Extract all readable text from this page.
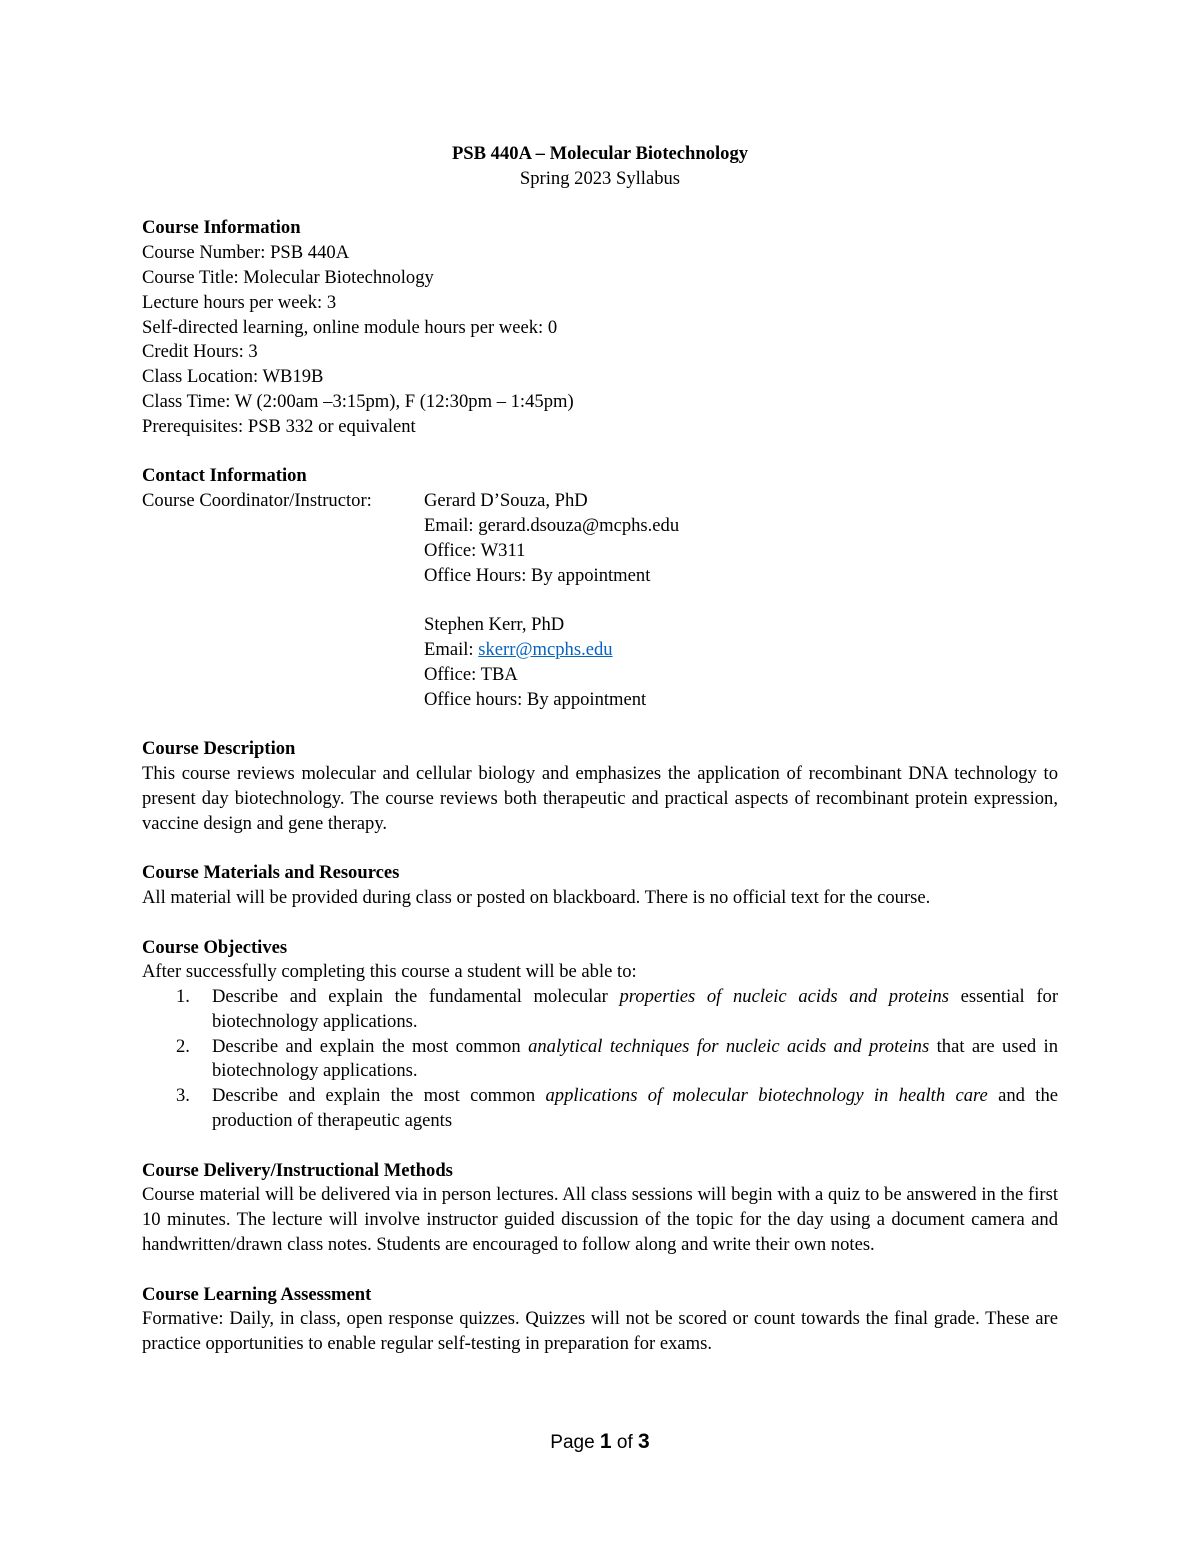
PSB 440A – Molecular Biotechnology

Spring 2023 Syllabus

Course Information
Course Number: PSB 440A
Course Title: Molecular Biotechnology
Lecture hours per week: 3
Self-directed learning, online module hours per week: 0
Credit Hours: 3
Class Location: WB19B
Class Time: W (2:00am –3:15pm), F (12:30pm – 1:45pm)
Prerequisites: PSB 332 or equivalent
Contact Information
Course Coordinator/Instructor:	Gerard D’Souza, PhD
Email: gerard.dsouza@mcphs.edu
Office: W311
Office Hours: By appointment
Stephen Kerr, PhD
Email: skerr@mcphs.edu
Office: TBA
Office hours: By appointment
Course Description
This course reviews molecular and cellular biology and emphasizes the application of recombinant DNA technology to present day biotechnology. The course reviews both therapeutic and practical aspects of recombinant protein expression, vaccine design and gene therapy.
Course Materials and Resources
All material will be provided during class or posted on blackboard. There is no official text for the course.
Course Objectives
After successfully completing this course a student will be able to:
1.	Describe and explain the fundamental molecular properties of nucleic acids and proteins essential for biotechnology applications.
2.	Describe and explain the most common analytical techniques for nucleic acids and proteins that are used in biotechnology applications.
3.	Describe and explain the most common applications of molecular biotechnology in health care and the production of therapeutic agents
Course Delivery/Instructional Methods
Course material will be delivered via in person lectures. All class sessions will begin with a quiz to be answered in the first 10 minutes. The lecture will involve instructor guided discussion of the topic for the day using a document camera and handwritten/drawn class notes. Students are encouraged to follow along and write their own notes.
Course Learning Assessment
Formative: Daily, in class, open response quizzes. Quizzes will not be scored or count towards the final grade. These are practice opportunities to enable regular self-testing in preparation for exams.
Page 1 of 3
